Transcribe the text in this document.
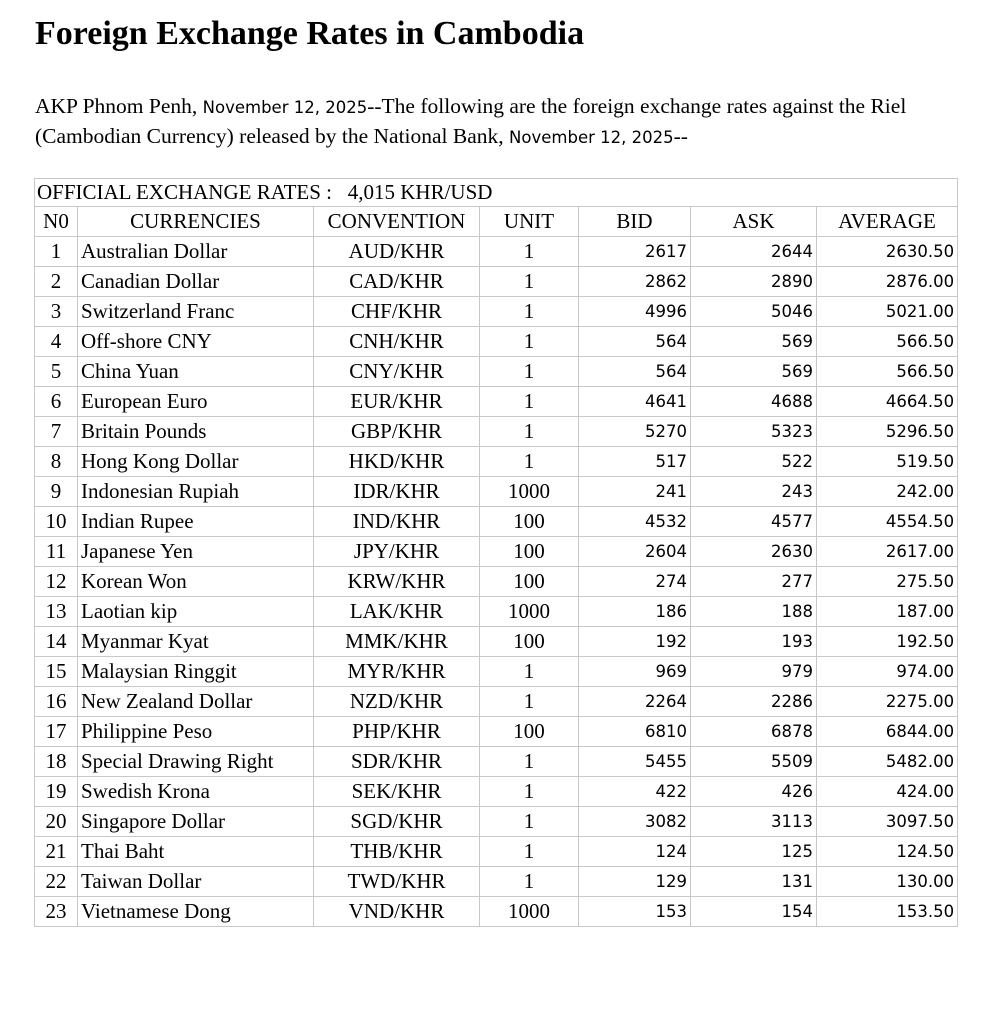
Foreign Exchange Rates in Cambodia

AKP Phnom Penh, November 12, 2025--The following are the foreign exchange rates against the Riel (Cambodian Currency) released by the National Bank, November 12, 2025--

OFFICIAL EXCHANGE RATES : 4,015 KHR/USD						
N0	CURRENCIES	CONVENTION	UNIT	BID	ASK	AVERAGE
1	Australian Dollar	AUD/KHR	1	2617	2644	2630.50
2	Canadian Dollar	CAD/KHR	1	2862	2890	2876.00
3	Switzerland Franc	CHF/KHR	1	4996	5046	5021.00
4	Off-shore CNY	CNH/KHR	1	564	569	566.50
5	China Yuan	CNY/KHR	1	564	569	566.50
6	European Euro	EUR/KHR	1	4641	4688	4664.50
7	Britain Pounds	GBP/KHR	1	5270	5323	5296.50
8	Hong Kong Dollar	HKD/KHR	1	517	522	519.50
9	Indonesian Rupiah	IDR/KHR	1000	241	243	242.00
10	Indian Rupee	IND/KHR	100	4532	4577	4554.50
11	Japanese Yen	JPY/KHR	100	2604	2630	2617.00
12	Korean Won	KRW/KHR	100	274	277	275.50
13	Laotian kip	LAK/KHR	1000	186	188	187.00
14	Myanmar Kyat	MMK/KHR	100	192	193	192.50
15	Malaysian Ringgit	MYR/KHR	1	969	979	974.00
16	New Zealand Dollar	NZD/KHR	1	2264	2286	2275.00
17	Philippine Peso	PHP/KHR	100	6810	6878	6844.00
18	Special Drawing Right	SDR/KHR	1	5455	5509	5482.00
19	Swedish Krona	SEK/KHR	1	422	426	424.00
20	Singapore Dollar	SGD/KHR	1	3082	3113	3097.50
21	Thai Baht	THB/KHR	1	124	125	124.50
22	Taiwan Dollar	TWD/KHR	1	129	131	130.00
23	Vietnamese Dong	VND/KHR	1000	153	154	153.50
